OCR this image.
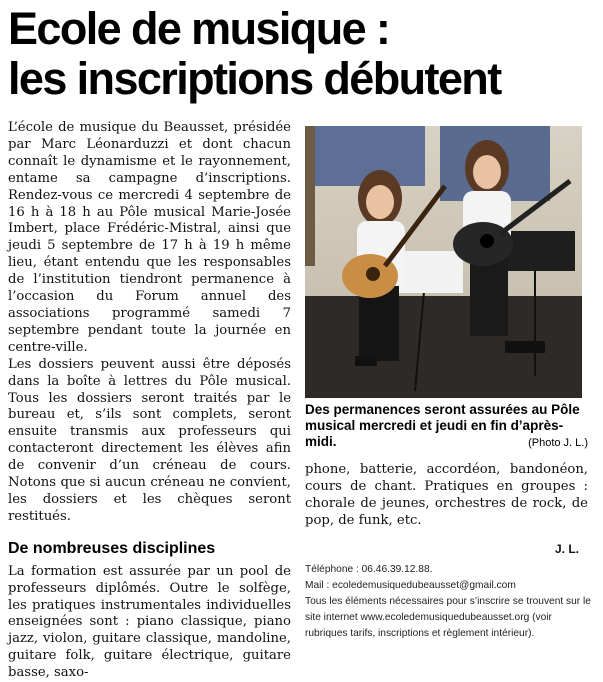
Ecole de musique :
les inscriptions débutent

L’école de musique du Beausset, présidée par Marc Léonarduzzi et dont chacun connaît le dynamisme et le rayonnement, entame sa campagne d’inscriptions. Rendez-vous ce mercredi 4 septembre de 16 h à 18 h au Pôle musical Marie-Josée Imbert, place Frédéric-Mistral, ainsi que jeudi 5 septembre de 17 h à 19 h même lieu, étant entendu que les responsables de l’institution tiendront permanence à l’occasion du Forum annuel des associations programmé samedi 7 septembre pendant toute la journée en centre-ville.

Les dossiers peuvent aussi être déposés dans la boîte à lettres du Pôle musical. Tous les dossiers seront traités par le bureau et, s’ils sont complets, seront ensuite transmis aux professeurs qui contacteront directement les élèves afin de convenir d’un créneau de cours. Notons que si aucun créneau ne convient, les dossiers et les chèques seront restitués.

De nombreuses disciplines

La formation est assurée par un pool de professeurs diplômés. Outre le solfège, les pratiques instrumentales individuelles enseignées sont : piano classique, piano jazz, violon, guitare classique, mandoline, guitare folk, guitare électrique, guitare basse, saxo-

Des permanences seront assurées au Pôle musical mercredi et jeudi en fin d’après-midi.	(Photo J. L.)

phone, batterie, accordéon, bandonéon, cours de chant. Pratiques en groupes : chorale de jeunes, orchestres de rock, de pop, de funk, etc.

J. L.

Téléphone : 06.46.39.12.88.
Mail : ecoledemusiquedubeausset@gmail.com
Tous les éléments nécessaires pour s’inscrire se trouvent sur le site internet www.ecoledemusiquedubeausset.org (voir rubriques tarifs, inscriptions et règlement intérieur).
